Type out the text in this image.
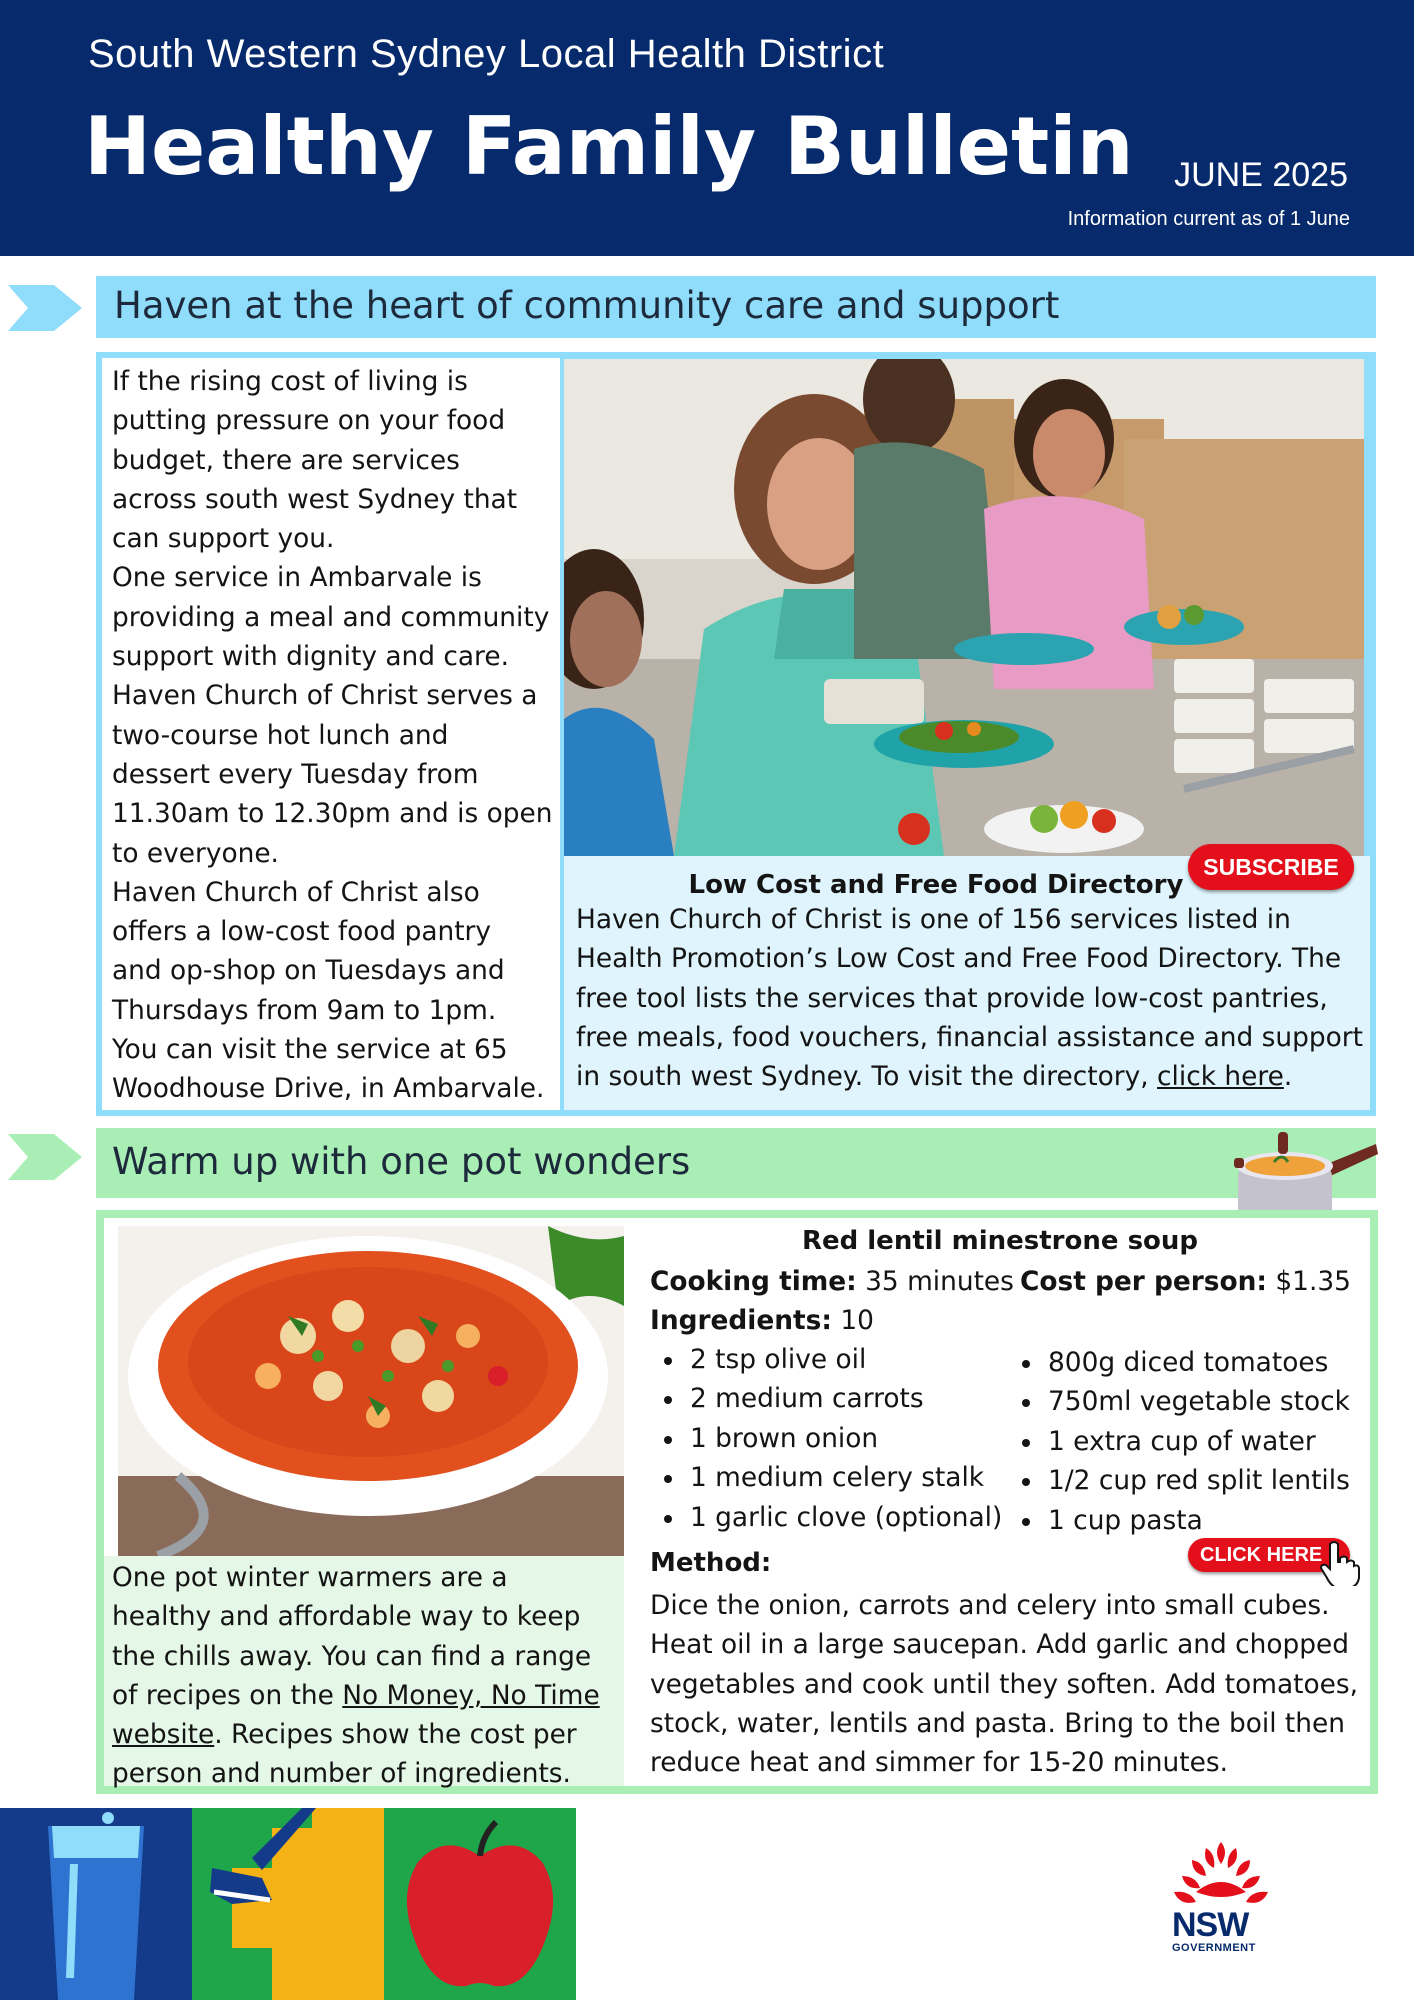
South Western Sydney Local Health District
Healthy Family Bulletin JUNE 2025
Information current as of 1 June
Haven at the heart of community care and support

If the rising cost of living is
putting pressure on your food
budget, there are services
across south west Sydney that
can support you.
One service in Ambarvale is
providing a meal and community
support with dignity and care.
Haven Church of Christ serves a
two-course hot lunch and
dessert every Tuesday from
11.30am to 12.30pm and is open
to everyone.
Haven Church of Christ also
offers a low-cost food pantry
and op-shop on Tuesdays and
Thursdays from 9am to 1pm.
You can visit the service at 65
Woodhouse Drive, in Ambarvale.

Low Cost and Free Food Directory
Haven Church of Christ is one of 156 services listed in
Health Promotion’s Low Cost and Free Food Directory. The
free tool lists the services that provide low-cost pantries,
free meals, food vouchers, financial assistance and support
in south west Sydney. To visit the directory, click here.
SUBSCRIBE
Warm up with one pot wonders

One pot winter warmers are a
healthy and affordable way to keep
the chills away. You can find a range
of recipes on the No Money, No Time
website. Recipes show the cost per
person and number of ingredients.

Red lentil minestrone soup
Cooking time: 35 minutes Cost per person: $1.35
Ingredients: 10
2 tsp olive oil
2 medium carrots
1 brown onion
1 medium celery stalk
1 garlic clove (optional)
800g diced tomatoes
750ml vegetable stock
1 extra cup of water
1/2 cup red split lentils
1 cup pasta
CLICK HERE
Method:
Dice the onion, carrots and celery into small cubes.
Heat oil in a large saucepan. Add garlic and chopped
vegetables and cook until they soften. Add tomatoes,
stock, water, lentils and pasta. Bring to the boil then
reduce heat and simmer for 15-20 minutes.
NSW
GOVERNMENT
